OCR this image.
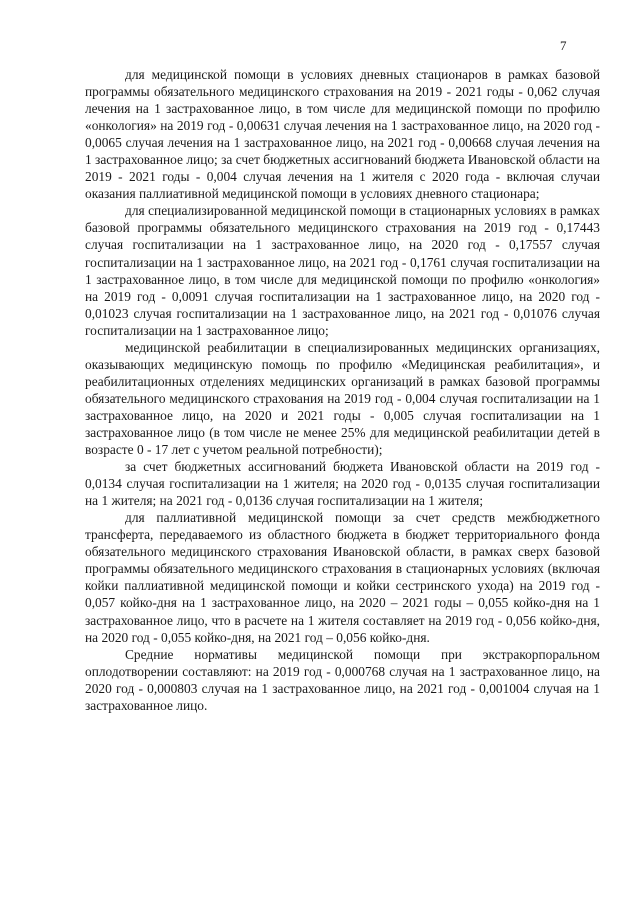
7

для медицинской помощи в условиях дневных стационаров в рамках базовой программы обязательного медицинского страхования на 2019 - 2021 годы - 0,062 случая лечения на 1 застрахованное лицо, в том числе для медицинской помощи по профилю «онкология» на 2019 год - 0,00631 случая лечения на 1 застрахованное лицо, на 2020 год - 0,0065 случая лечения на 1 застрахованное лицо, на 2021 год - 0,00668 случая лечения на 1 застрахованное лицо; за счет бюджетных ассигнований бюджета Ивановской области на 2019 - 2021 годы - 0,004 случая лечения на 1 жителя с 2020 года - включая случаи оказания паллиативной медицинской помощи в условиях дневного стационара;

для специализированной медицинской помощи в стационарных условиях в рамках базовой программы обязательного медицинского страхования на 2019 год - 0,17443 случая госпитализации на 1 застрахованное лицо, на 2020 год - 0,17557 случая госпитализации на 1 застрахованное лицо, на 2021 год - 0,1761 случая госпитализации на 1 застрахованное лицо, в том числе для медицинской помощи по профилю «онкология» на 2019 год - 0,0091 случая госпитализации на 1 застрахованное лицо, на 2020 год - 0,01023 случая госпитализации на 1 застрахованное лицо, на 2021 год - 0,01076 случая госпитализации на 1 застрахованное лицо;

медицинской реабилитации в специализированных медицинских организациях, оказывающих медицинскую помощь по профилю «Медицинская реабилитация», и реабилитационных отделениях медицинских организаций в рамках базовой программы обязательного медицинского страхования на 2019 год - 0,004 случая госпитализации на 1 застрахованное лицо, на 2020 и 2021 годы - 0,005 случая госпитализации на 1 застрахованное лицо (в том числе не менее 25% для медицинской реабилитации детей в возрасте 0 - 17 лет с учетом реальной потребности);

за счет бюджетных ассигнований бюджета Ивановской области на 2019 год - 0,0134 случая госпитализации на 1 жителя; на 2020 год - 0,0135 случая госпитализации на 1 жителя; на 2021 год - 0,0136 случая госпитализации на 1 жителя;

для паллиативной медицинской помощи за счет средств межбюджетного трансферта, передаваемого из областного бюджета в бюджет территориального фонда обязательного медицинского страхования Ивановской области, в рамках сверх базовой программы обязательного медицинского страхования в стационарных условиях (включая койки паллиативной медицинской помощи и койки сестринского ухода) на 2019 год - 0,057 койко-дня на 1 застрахованное лицо, на 2020 – 2021 годы – 0,055 койко-дня на 1 застрахованное лицо, что в расчете на 1 жителя составляет на 2019 год - 0,056 койко-дня, на 2020 год - 0,055 койко-дня, на 2021 год – 0,056 койко-дня.

Средние нормативы медицинской помощи при экстракорпоральном оплодотворении составляют: на 2019 год - 0,000768 случая на 1 застрахованное лицо, на 2020 год - 0,000803 случая на 1 застрахованное лицо, на 2021 год - 0,001004 случая на 1 застрахованное лицо.
